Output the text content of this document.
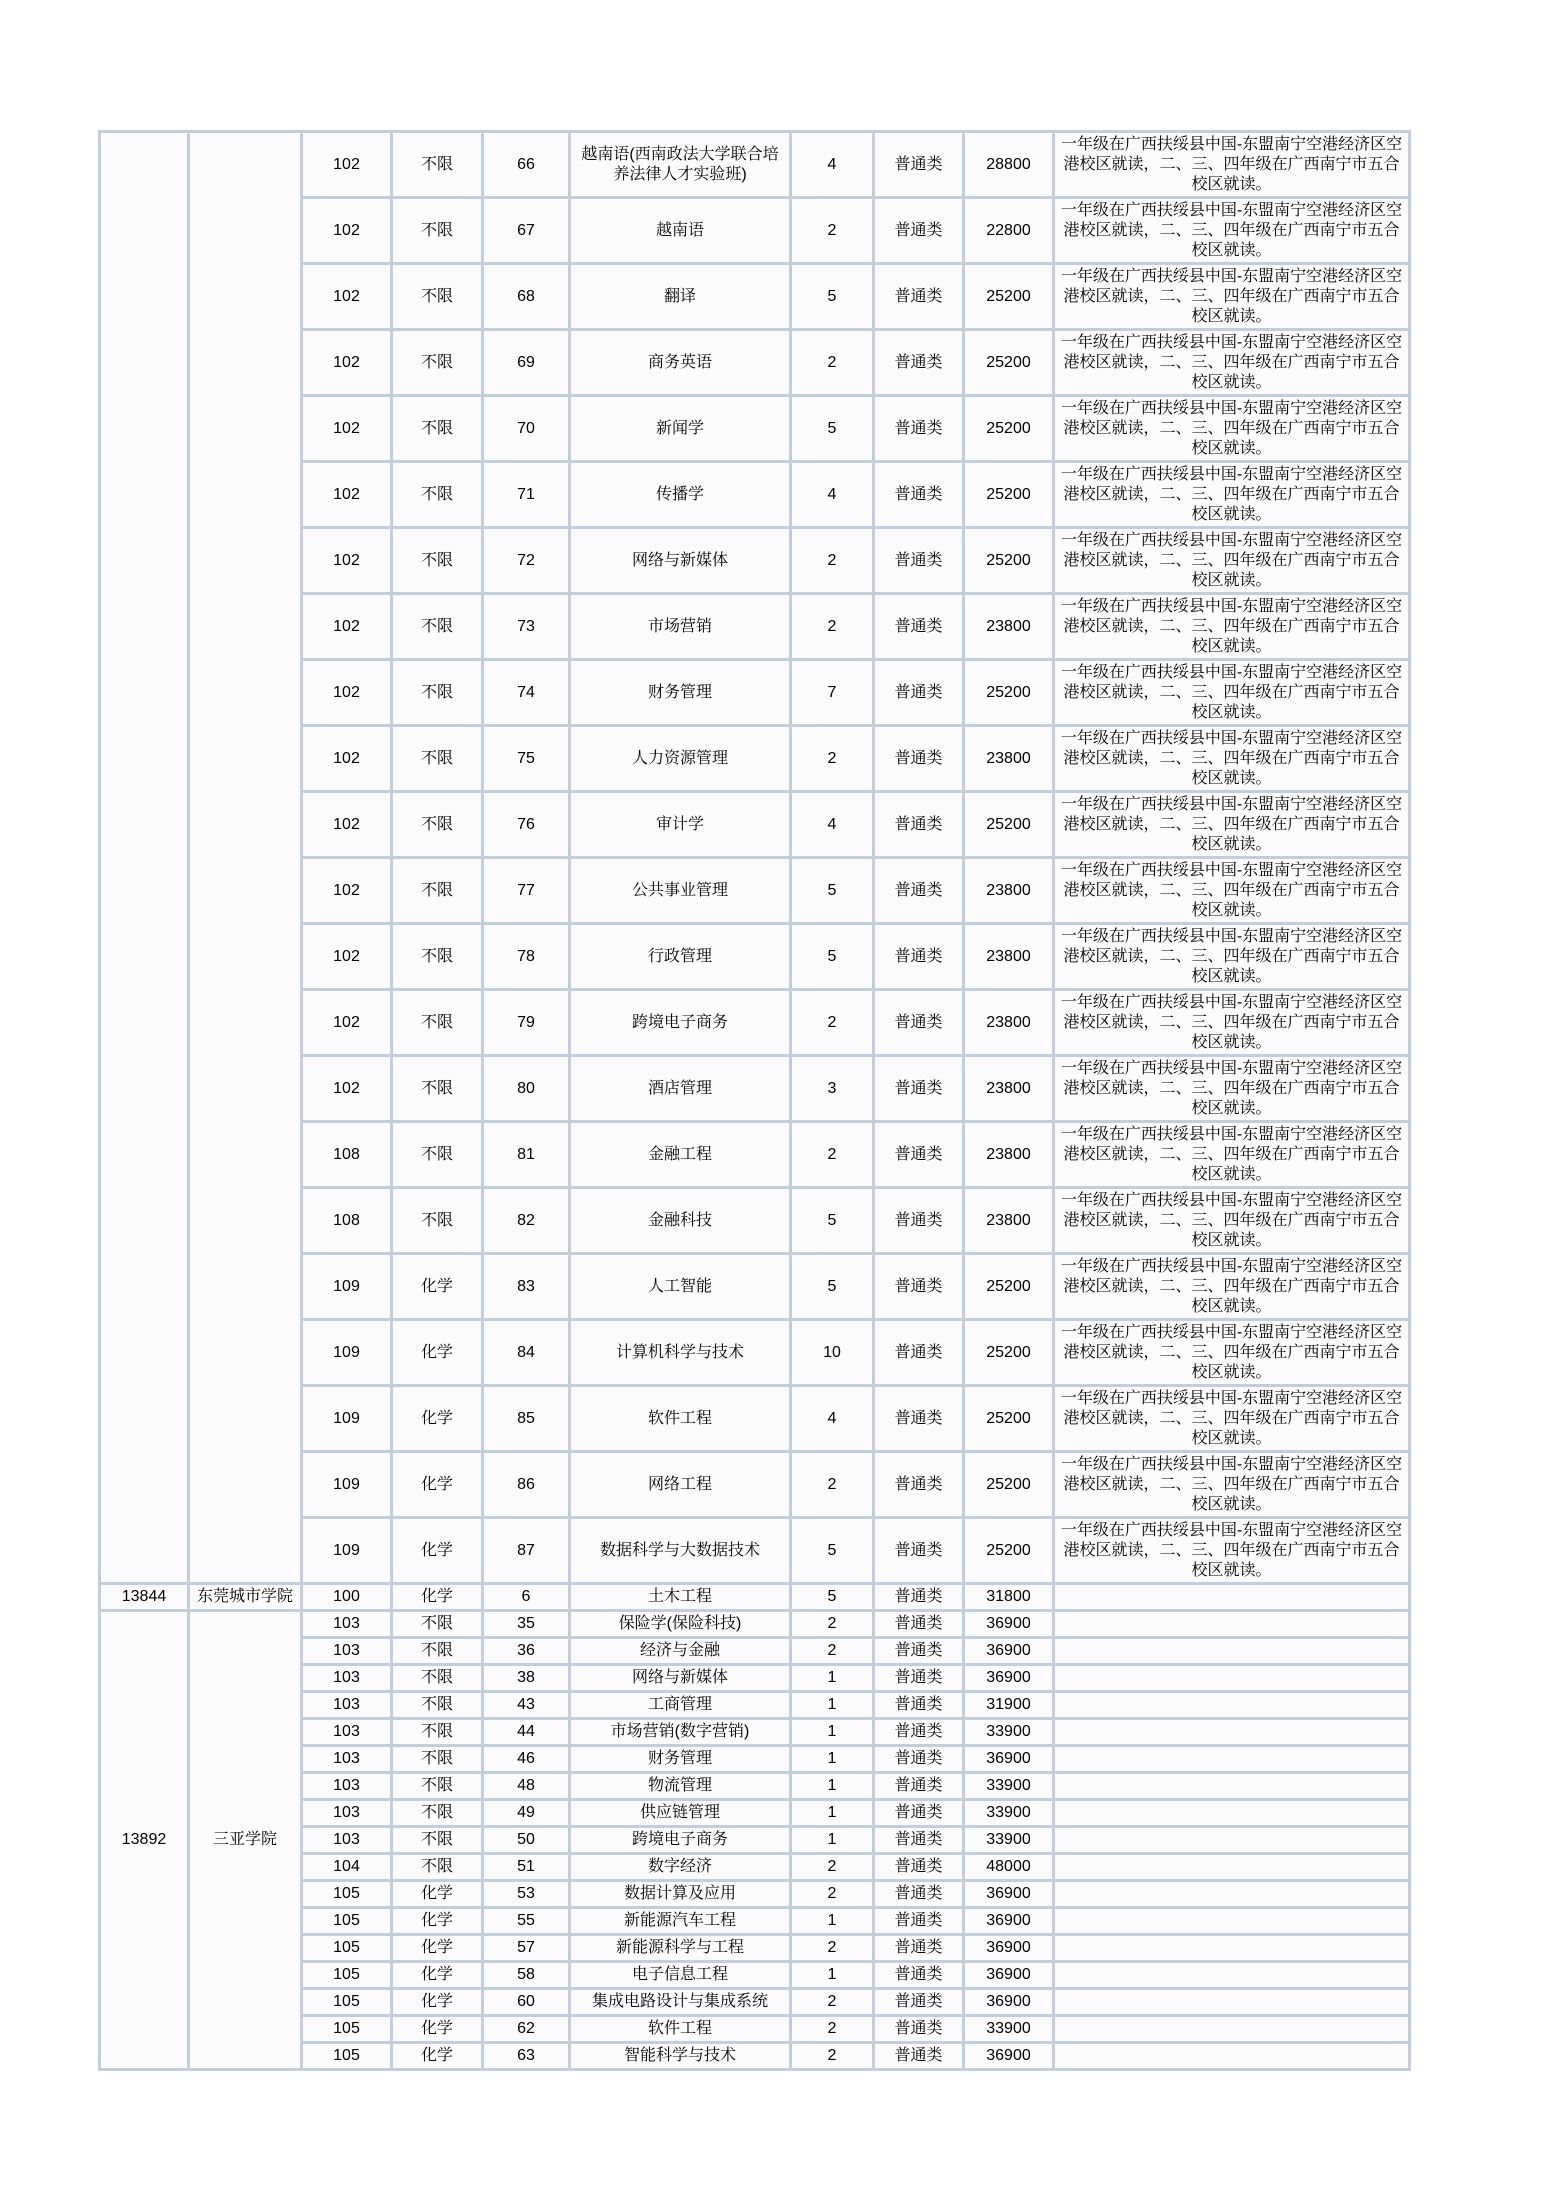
		102	不限	66	越南语(西南政法大学联合培养法律人才实验班)	4	普通类	28800	一年级在广西扶绥县中国-东盟南宁空港经济区空港校区就读，二、三、四年级在广西南宁市五合校区就读。
		102	不限	67	越南语	2	普通类	22800	一年级在广西扶绥县中国-东盟南宁空港经济区空港校区就读，二、三、四年级在广西南宁市五合校区就读。
		102	不限	68	翻译	5	普通类	25200	一年级在广西扶绥县中国-东盟南宁空港经济区空港校区就读，二、三、四年级在广西南宁市五合校区就读。
		102	不限	69	商务英语	2	普通类	25200	一年级在广西扶绥县中国-东盟南宁空港经济区空港校区就读，二、三、四年级在广西南宁市五合校区就读。
		102	不限	70	新闻学	5	普通类	25200	一年级在广西扶绥县中国-东盟南宁空港经济区空港校区就读，二、三、四年级在广西南宁市五合校区就读。
		102	不限	71	传播学	4	普通类	25200	一年级在广西扶绥县中国-东盟南宁空港经济区空港校区就读，二、三、四年级在广西南宁市五合校区就读。
		102	不限	72	网络与新媒体	2	普通类	25200	一年级在广西扶绥县中国-东盟南宁空港经济区空港校区就读，二、三、四年级在广西南宁市五合校区就读。
		102	不限	73	市场营销	2	普通类	23800	一年级在广西扶绥县中国-东盟南宁空港经济区空港校区就读，二、三、四年级在广西南宁市五合校区就读。
		102	不限	74	财务管理	7	普通类	25200	一年级在广西扶绥县中国-东盟南宁空港经济区空港校区就读，二、三、四年级在广西南宁市五合校区就读。
		102	不限	75	人力资源管理	2	普通类	23800	一年级在广西扶绥县中国-东盟南宁空港经济区空港校区就读，二、三、四年级在广西南宁市五合校区就读。
		102	不限	76	审计学	4	普通类	25200	一年级在广西扶绥县中国-东盟南宁空港经济区空港校区就读，二、三、四年级在广西南宁市五合校区就读。
		102	不限	77	公共事业管理	5	普通类	23800	一年级在广西扶绥县中国-东盟南宁空港经济区空港校区就读，二、三、四年级在广西南宁市五合校区就读。
		102	不限	78	行政管理	5	普通类	23800	一年级在广西扶绥县中国-东盟南宁空港经济区空港校区就读，二、三、四年级在广西南宁市五合校区就读。
		102	不限	79	跨境电子商务	2	普通类	23800	一年级在广西扶绥县中国-东盟南宁空港经济区空港校区就读，二、三、四年级在广西南宁市五合校区就读。
		102	不限	80	酒店管理	3	普通类	23800	一年级在广西扶绥县中国-东盟南宁空港经济区空港校区就读，二、三、四年级在广西南宁市五合校区就读。
		108	不限	81	金融工程	2	普通类	23800	一年级在广西扶绥县中国-东盟南宁空港经济区空港校区就读，二、三、四年级在广西南宁市五合校区就读。
		108	不限	82	金融科技	5	普通类	23800	一年级在广西扶绥县中国-东盟南宁空港经济区空港校区就读，二、三、四年级在广西南宁市五合校区就读。
		109	化学	83	人工智能	5	普通类	25200	一年级在广西扶绥县中国-东盟南宁空港经济区空港校区就读，二、三、四年级在广西南宁市五合校区就读。
		109	化学	84	计算机科学与技术	10	普通类	25200	一年级在广西扶绥县中国-东盟南宁空港经济区空港校区就读，二、三、四年级在广西南宁市五合校区就读。
		109	化学	85	软件工程	4	普通类	25200	一年级在广西扶绥县中国-东盟南宁空港经济区空港校区就读，二、三、四年级在广西南宁市五合校区就读。
		109	化学	86	网络工程	2	普通类	25200	一年级在广西扶绥县中国-东盟南宁空港经济区空港校区就读，二、三、四年级在广西南宁市五合校区就读。
		109	化学	87	数据科学与大数据技术	5	普通类	25200	一年级在广西扶绥县中国-东盟南宁空港经济区空港校区就读，二、三、四年级在广西南宁市五合校区就读。
13844	东莞城市学院	100	化学	6	土木工程	5	普通类	31800	
13892	三亚学院	103	不限	35	保险学(保险科技)	2	普通类	36900	
		103	不限	36	经济与金融	2	普通类	36900	
		103	不限	38	网络与新媒体	1	普通类	36900	
		103	不限	43	工商管理	1	普通类	31900	
		103	不限	44	市场营销(数字营销)	1	普通类	33900	
		103	不限	46	财务管理	1	普通类	36900	
		103	不限	48	物流管理	1	普通类	33900	
		103	不限	49	供应链管理	1	普通类	33900	
		103	不限	50	跨境电子商务	1	普通类	33900	
		104	不限	51	数字经济	2	普通类	48000	
		105	化学	53	数据计算及应用	2	普通类	36900	
		105	化学	55	新能源汽车工程	1	普通类	36900	
		105	化学	57	新能源科学与工程	2	普通类	36900	
		105	化学	58	电子信息工程	1	普通类	36900	
		105	化学	60	集成电路设计与集成系统	2	普通类	36900	
		105	化学	62	软件工程	2	普通类	33900	
		105	化学	63	智能科学与技术	2	普通类	36900	
